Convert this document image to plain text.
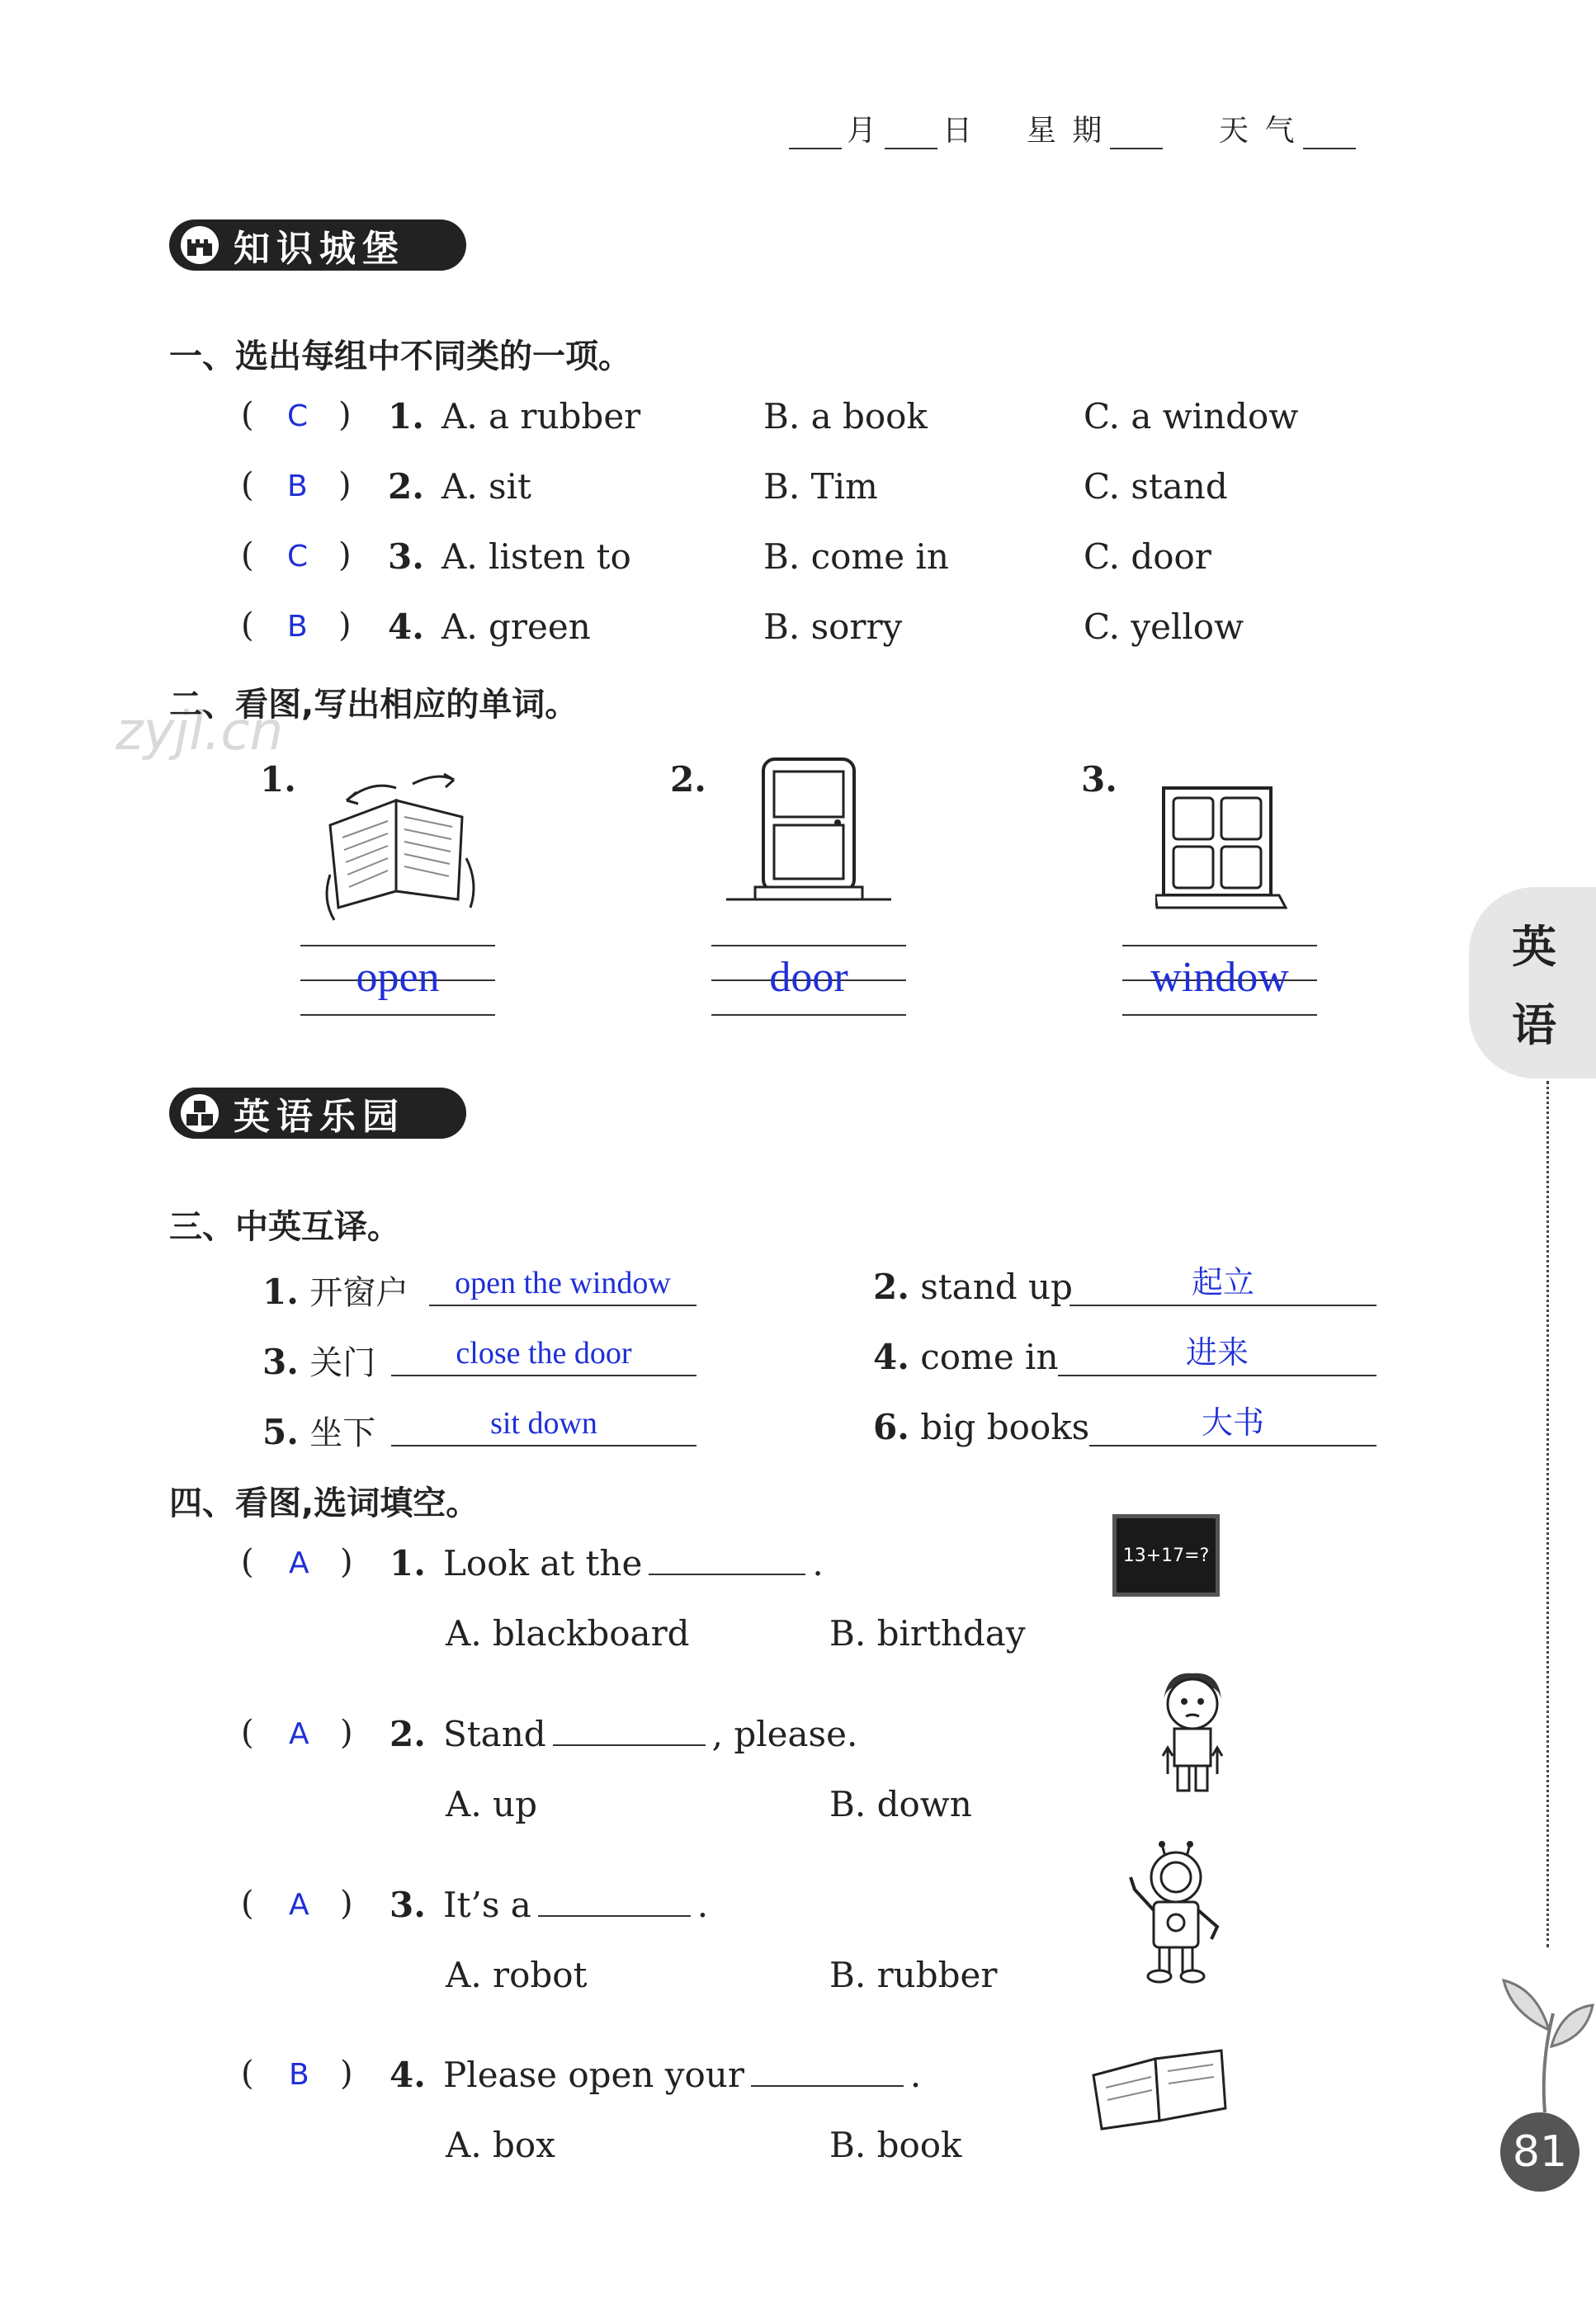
月 日 星 期	天 气
zyjl.cn
知识城堡
一、选出每组中不同类的一项。
( C ) 1. A. a rubber	B. a book	C. a window
( B ) 2. A. sit	B. Tim	C. stand
( C ) 3. A. listen to	B. come in	C. door
( B ) 4. A. green	B. sorry	C. yellow
二、看图,写出相应的单词。
1.	2.	3.
open	door	window
英语乐园
三、中英互译。
1. 开窗户	open the window
3. 关门	close the door
5. 坐下	sit down
2. stand up	起立
4. come in	进来
6. big books	大书
四、看图,选词填空。
( A ) 1. Look at the	.
A. blackboard	B. birthday
( A ) 2. Stand	, please.
A. up	B. down
( A ) 3. It’s a	.
A. robot	B. rubber
( B ) 4. Please open your	.
A. box	B. book
13+17=?
英
语
81
